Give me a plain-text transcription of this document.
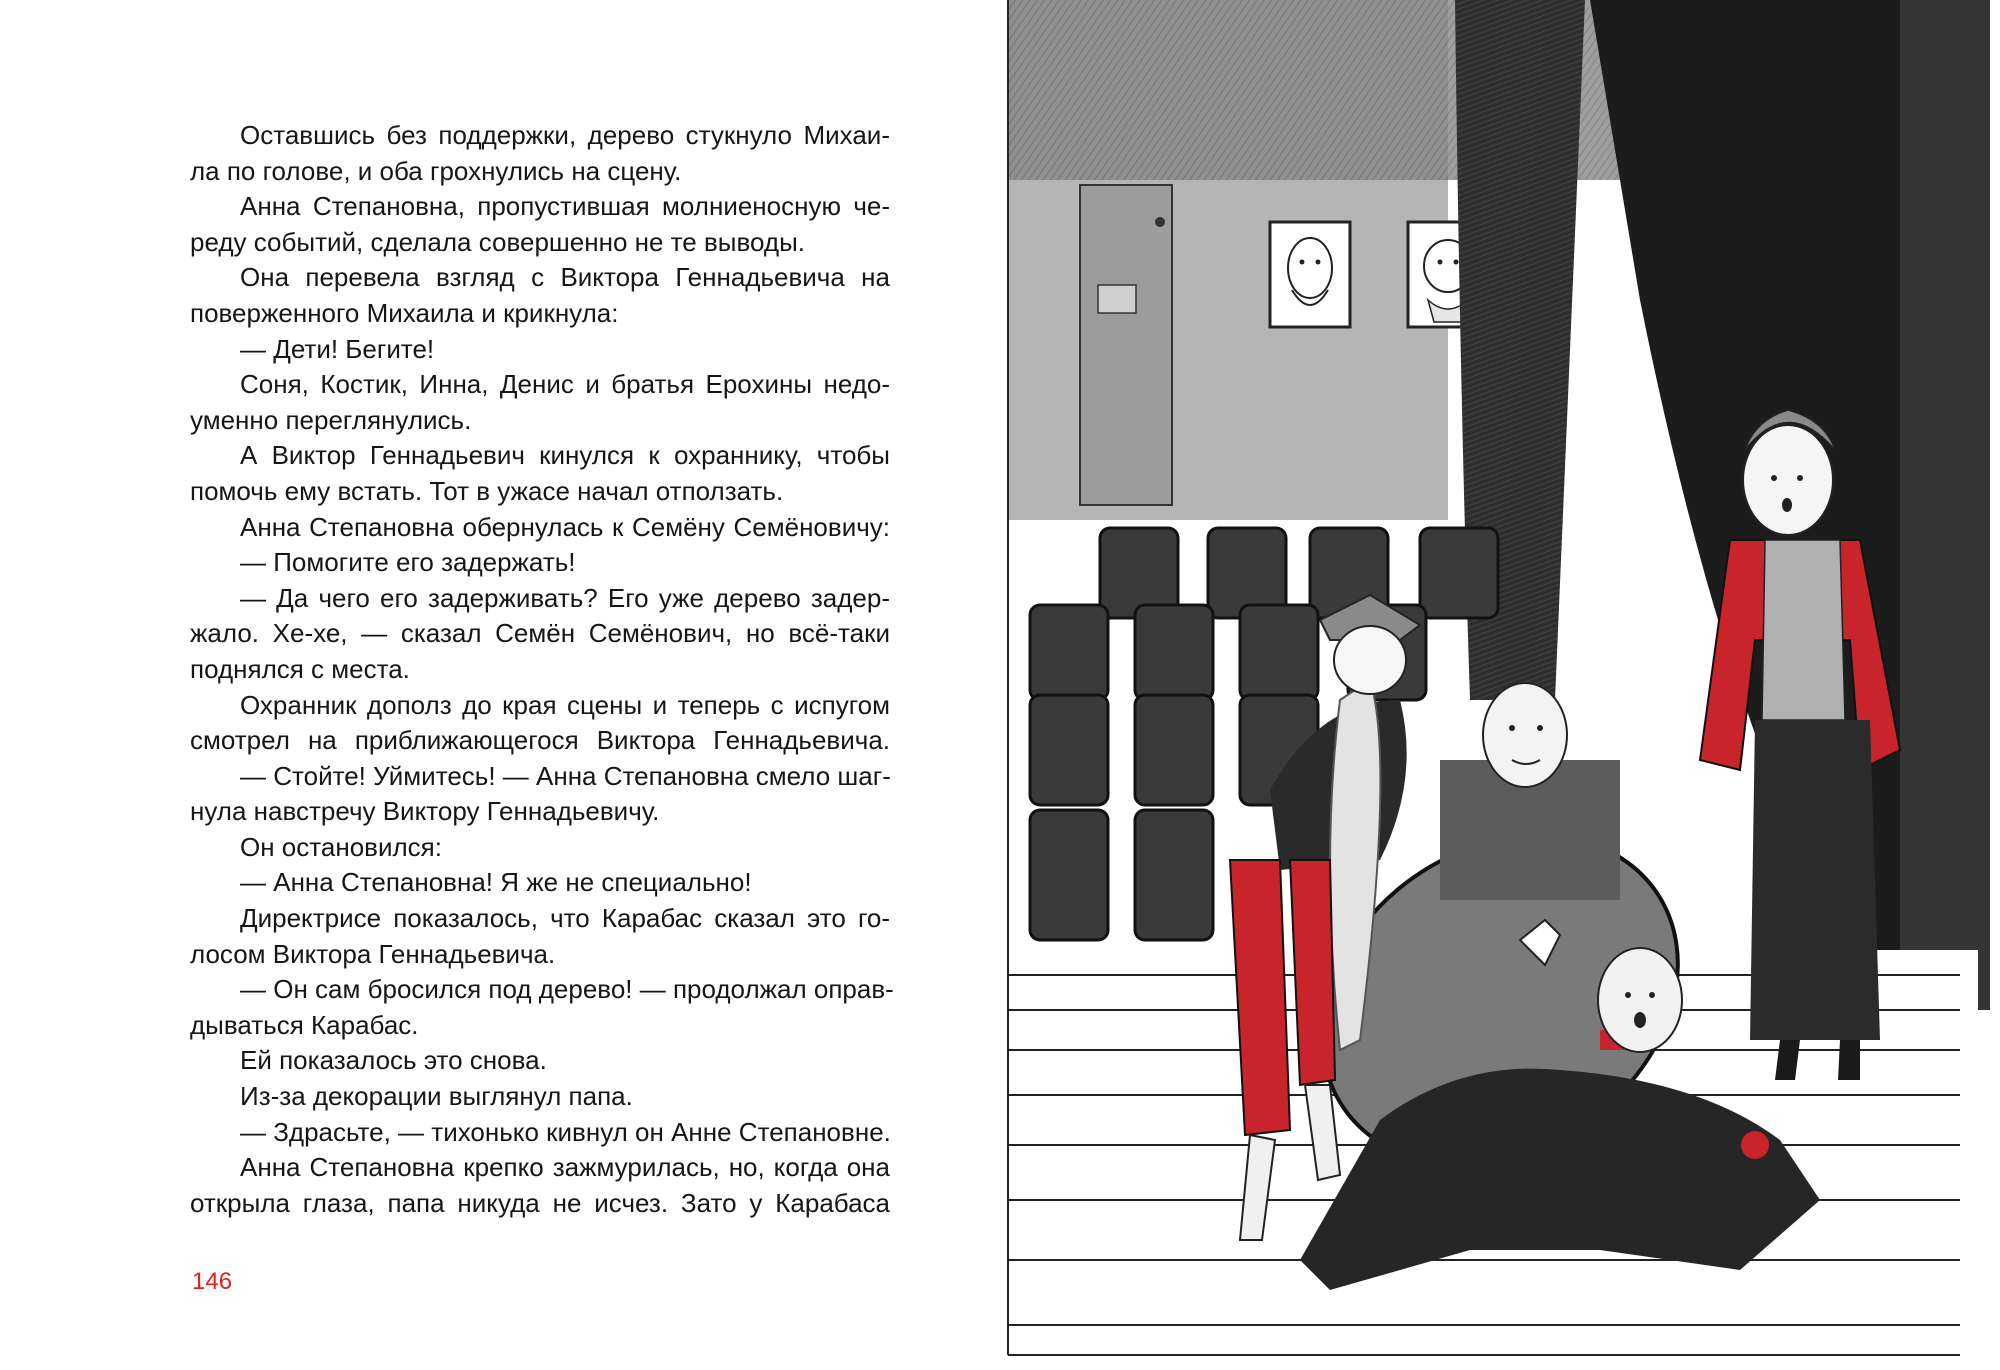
Оставшись без поддержки, дерево стукнуло Михаи-
ла по голове, и оба грохнулись на сцену.
Анна Степановна, пропустившая молниеносную че-
реду событий, сделала совершенно не те выводы.
Она перевела взгляд с Виктора Геннадьевича на
поверженного Михаила и крикнула:
— Дети! Бегите!
Соня, Костик, Инна, Денис и братья Ерохины недо-
уменно переглянулись.
А Виктор Геннадьевич кинулся к охраннику, чтобы
помочь ему встать. Тот в ужасе начал отползать.
Анна Степановна обернулась к Семёну Семёновичу:
— Помогите его задержать!
— Да чего его задерживать? Его уже дерево задер-
жало. Хе-хе, — сказал Семён Семёнович, но всё-таки
поднялся с места.
Охранник дополз до края сцены и теперь с испугом
смотрел на приближающегося Виктора Геннадьевича.
— Стойте! Уймитесь! — Анна Степановна смело шаг-
нула навстречу Виктору Геннадьевичу.
Он остановился:
— Анна Степановна! Я же не специально!
Директрисе показалось, что Карабас сказал это го-
лосом Виктора Геннадьевича.
— Он сам бросился под дерево! — продолжал оправ-
дываться Карабас.
Ей показалось это снова.
Из-за декорации выглянул папа.
— Здрасьте, — тихонько кивнул он Анне Степановне.
Анна Степановна крепко зажмурилась, но, когда она
открыла глаза, папа никуда не исчез. Зато у Карабаса
146
